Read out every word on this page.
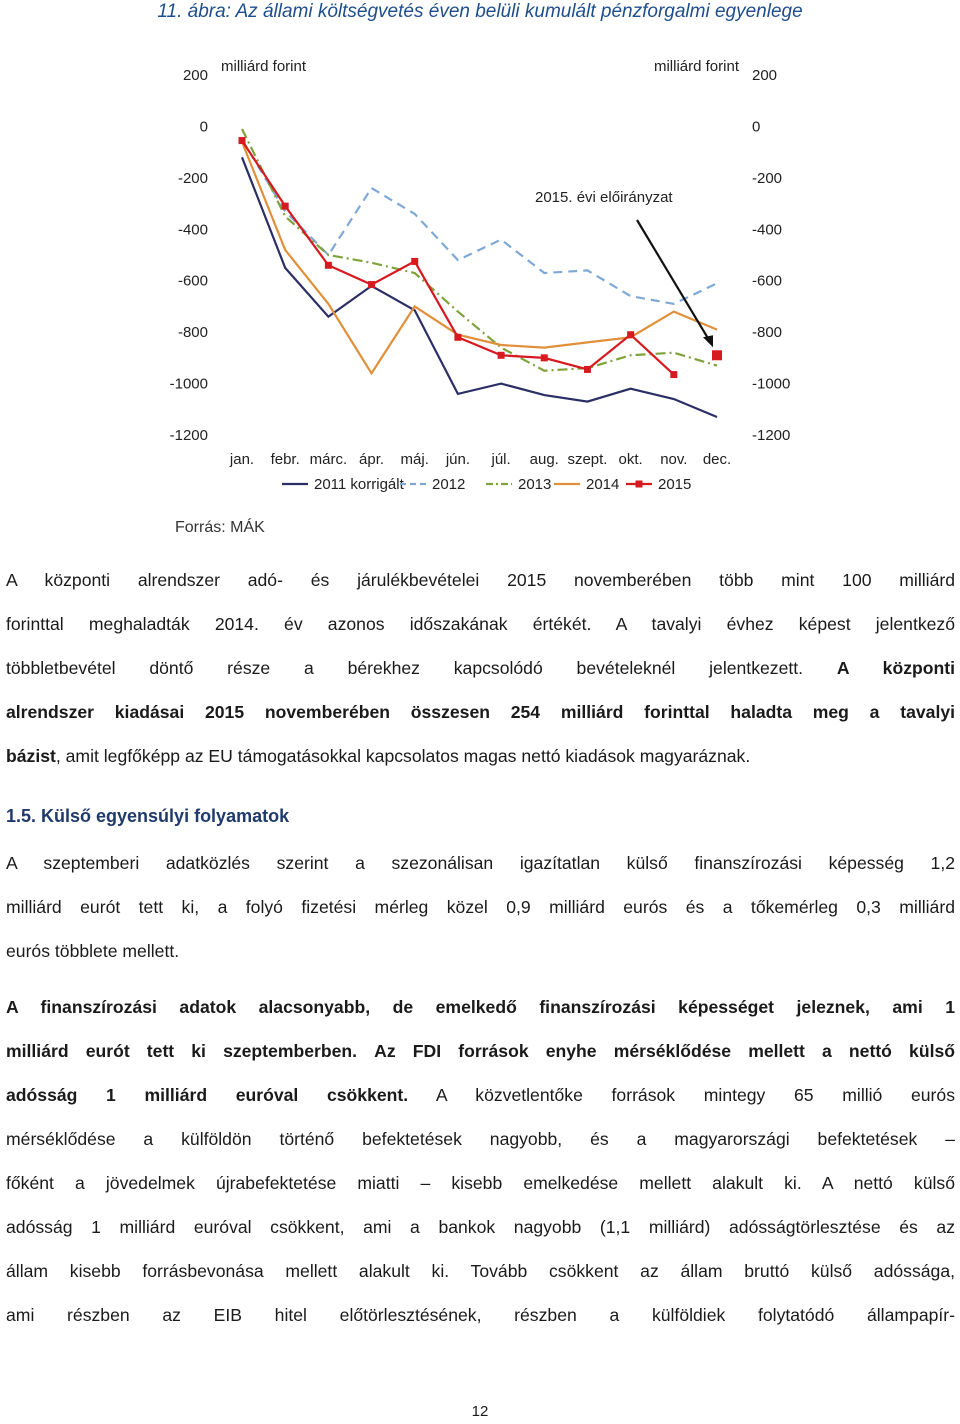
11. ábra: Az állami költségvetés éven belüli kumulált pénzforgalmi egyenlege
milliárd forint	milliárd forint
200	200
0	0
-200	-200
-400	-400
-600	-600
-800	-800
-1000	-1000
-1200	-1200
jan. febr. márc. ápr. máj. jún. júl. aug. szept. okt. nov. dec.
2015. évi előirányzat
2011 korrigált 2012	2013 2014	2015
Forrás: MÁK
A központi alrendszer adó- és járulékbevételei 2015 novemberében több mint 100 milliárd
forinttal meghaladták 2014. év azonos időszakának értékét. A tavalyi évhez képest jelentkező
többletbevétel döntő része a bérekhez kapcsolódó bevételeknél jelentkezett. A központi
alrendszer kiadásai 2015 novemberében összesen 254 milliárd forinttal haladta meg a tavalyi
bázist, amit legfőképp az EU támogatásokkal kapcsolatos magas nettó kiadások magyaráznak.
1.5. Külső egyensúlyi folyamatok
A szeptemberi adatközlés szerint a szezonálisan igazítatlan külső finanszírozási képesség 1,2
milliárd eurót tett ki, a folyó fizetési mérleg közel 0,9 milliárd eurós és a tőkemérleg 0,3 milliárd
eurós többlete mellett.
A finanszírozási adatok alacsonyabb, de emelkedő finanszírozási képességet jeleznek, ami 1
milliárd eurót tett ki szeptemberben. Az FDI források enyhe mérséklődése mellett a nettó külső
adósság 1 milliárd euróval csökkent. A közvetlentőke források mintegy 65 millió eurós
mérséklődése a külföldön történő befektetések nagyobb, és a magyarországi befektetések –
főként a jövedelmek újrabefektetése miatti – kisebb emelkedése mellett alakult ki. A nettó külső
adósság 1 milliárd euróval csökkent, ami a bankok nagyobb (1,1 milliárd) adósságtörlesztése és az
állam kisebb forrásbevonása mellett alakult ki. Tovább csökkent az állam bruttó külső adóssága,
ami részben az EIB hitel előtörlesztésének, részben a külföldiek folytatódó állampapír-
12
